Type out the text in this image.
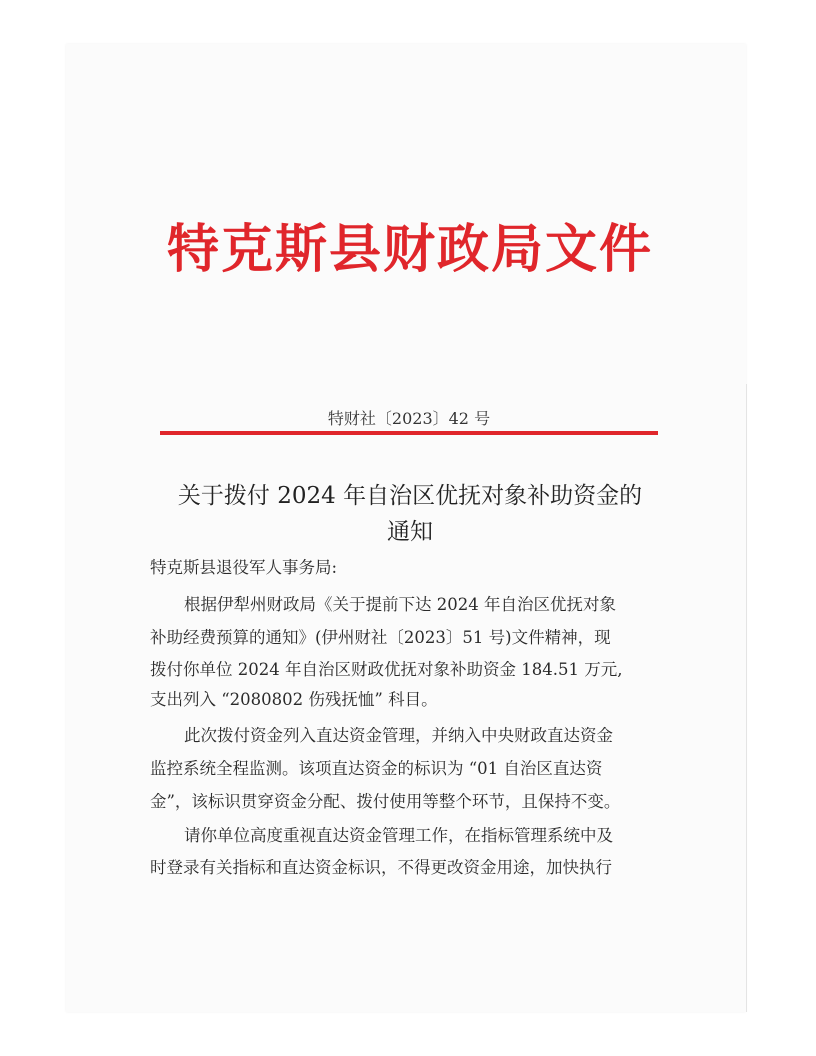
特克斯县财政局文件
特财社〔2023〕42 号
关于拨付 2024 年自治区优抚对象补助资金的
通知
特克斯县退役军人事务局:
根据伊犁州财政局《关于提前下达 2024 年自治区优抚对象
补助经费预算的通知》(伊州财社〔2023〕51 号)文件精神，现
拨付你单位 2024 年自治区财政优抚对象补助资金 184.51 万元,
支出列入 “2080802 伤残抚恤” 科目。
此次拨付资金列入直达资金管理，并纳入中央财政直达资金
监控系统全程监测。该项直达资金的标识为 “01 自治区直达资
金”，该标识贯穿资金分配、拨付使用等整个环节，且保持不变。
请你单位高度重视直达资金管理工作，在指标管理系统中及
时登录有关指标和直达资金标识，不得更改资金用途，加快执行
